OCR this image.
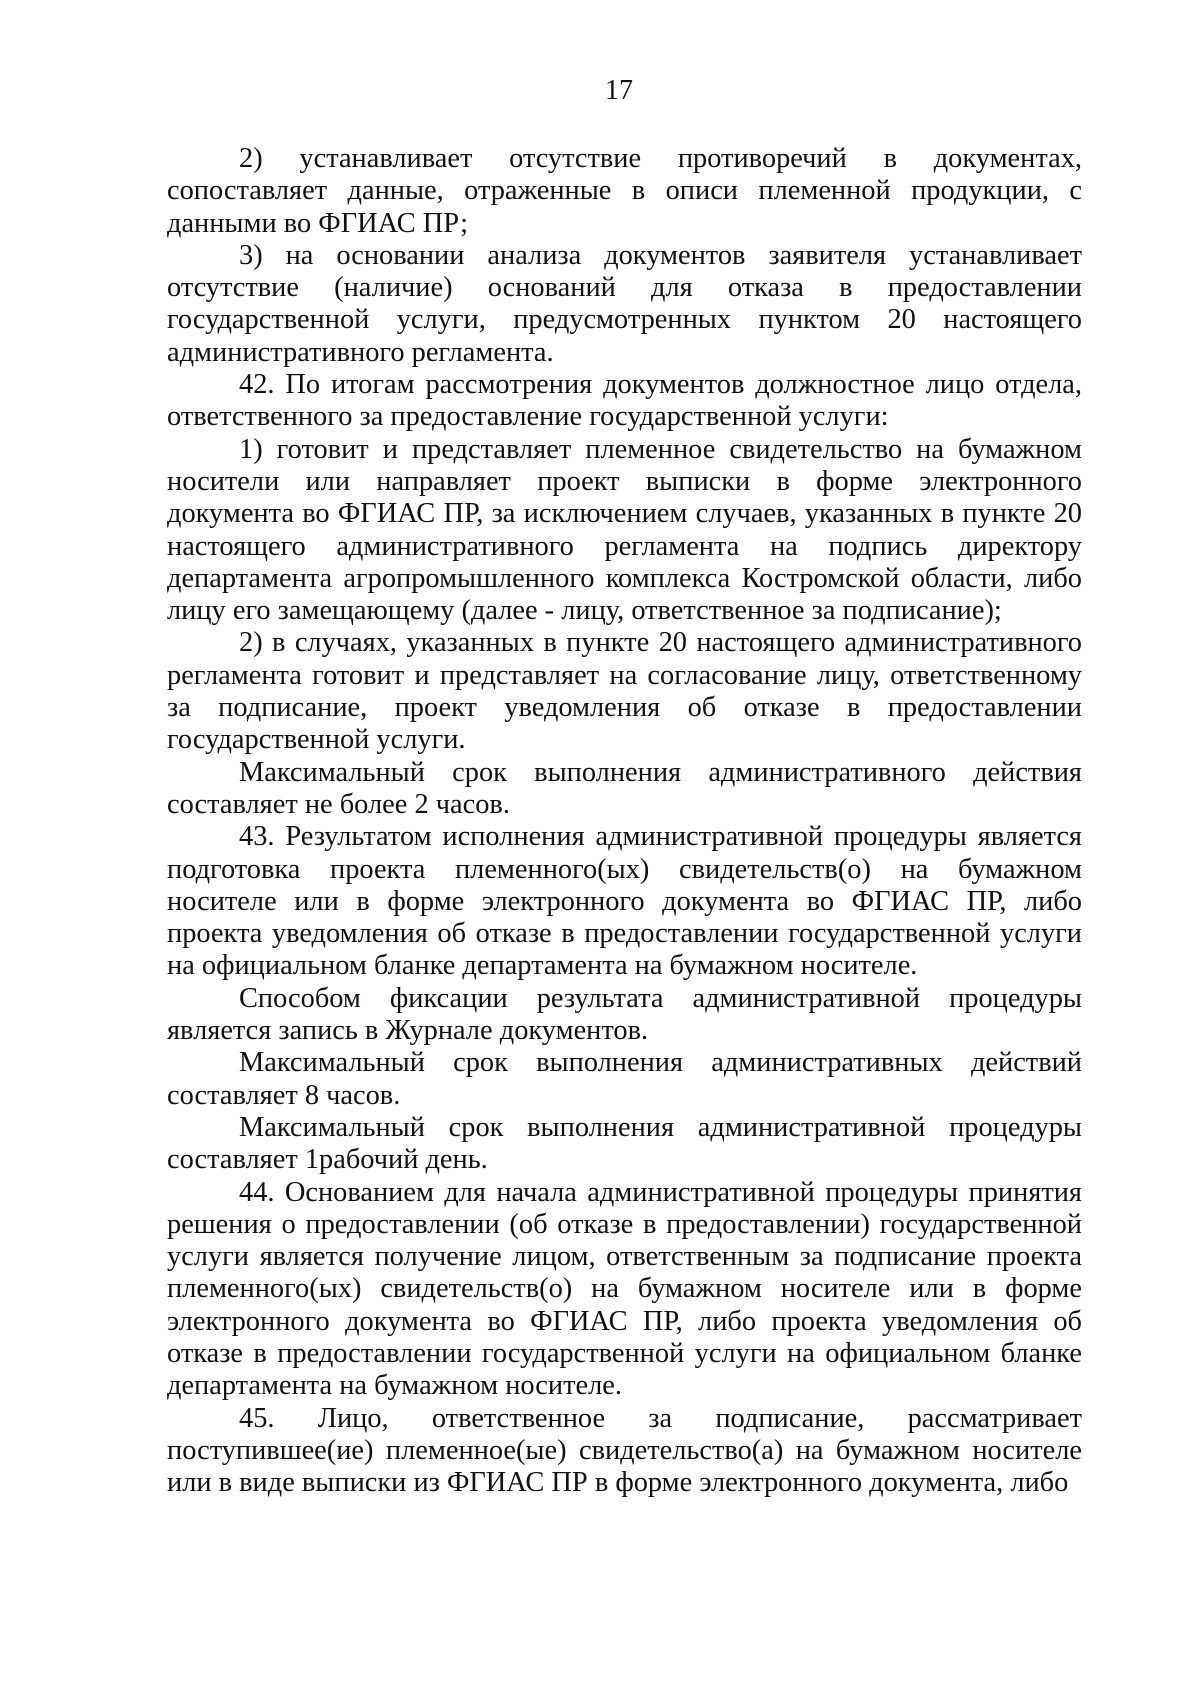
17

2) устанавливает отсутствие противоречий в документах, сопоставляет данные, отраженные в описи племенной продукции, с данными во ФГИАС ПР;

3) на основании анализа документов заявителя устанавливает отсутствие (наличие) оснований для отказа в предоставлении государственной услуги, предусмотренных пунктом 20 настоящего административного регламента.

42. По итогам рассмотрения документов должностное лицо отдела, ответственного за предоставление государственной услуги:

1) готовит и представляет племенное свидетельство на бумажном носители или направляет проект выписки в форме электронного документа во ФГИАС ПР, за исключением случаев, указанных в пункте 20 настоящего административного регламента на подпись директору департамента агропромышленного комплекса Костромской области, либо лицу его замещающему (далее - лицу, ответственное за подписание);

2) в случаях, указанных в пункте 20 настоящего административного регламента готовит и представляет на согласование лицу, ответственному за подписание, проект уведомления об отказе в предоставлении государственной услуги.

Максимальный срок выполнения административного действия составляет не более 2 часов.

43. Результатом исполнения административной процедуры является подготовка проекта племенного(ых) свидетельств(о) на бумажном носителе или в форме электронного документа во ФГИАС ПР, либо проекта уведомления об отказе в предоставлении государственной услуги на официальном бланке департамента на бумажном носителе.

Способом фиксации результата административной процедуры является запись в Журнале документов.

Максимальный срок выполнения административных действий составляет 8 часов.

Максимальный срок выполнения административной процедуры составляет 1рабочий день.

44. Основанием для начала административной процедуры принятия решения о предоставлении (об отказе в предоставлении) государственной услуги является получение лицом, ответственным за подписание проекта племенного(ых) свидетельств(о) на бумажном носителе или в форме электронного документа во ФГИАС ПР, либо проекта уведомления об отказе в предоставлении государственной услуги на официальном бланке департамента на бумажном носителе.

45. Лицо, ответственное за подписание, рассматривает поступившее(ие) племенное(ые) свидетельство(а) на бумажном носителе или в виде выписки из ФГИАС ПР в форме электронного документа, либо
